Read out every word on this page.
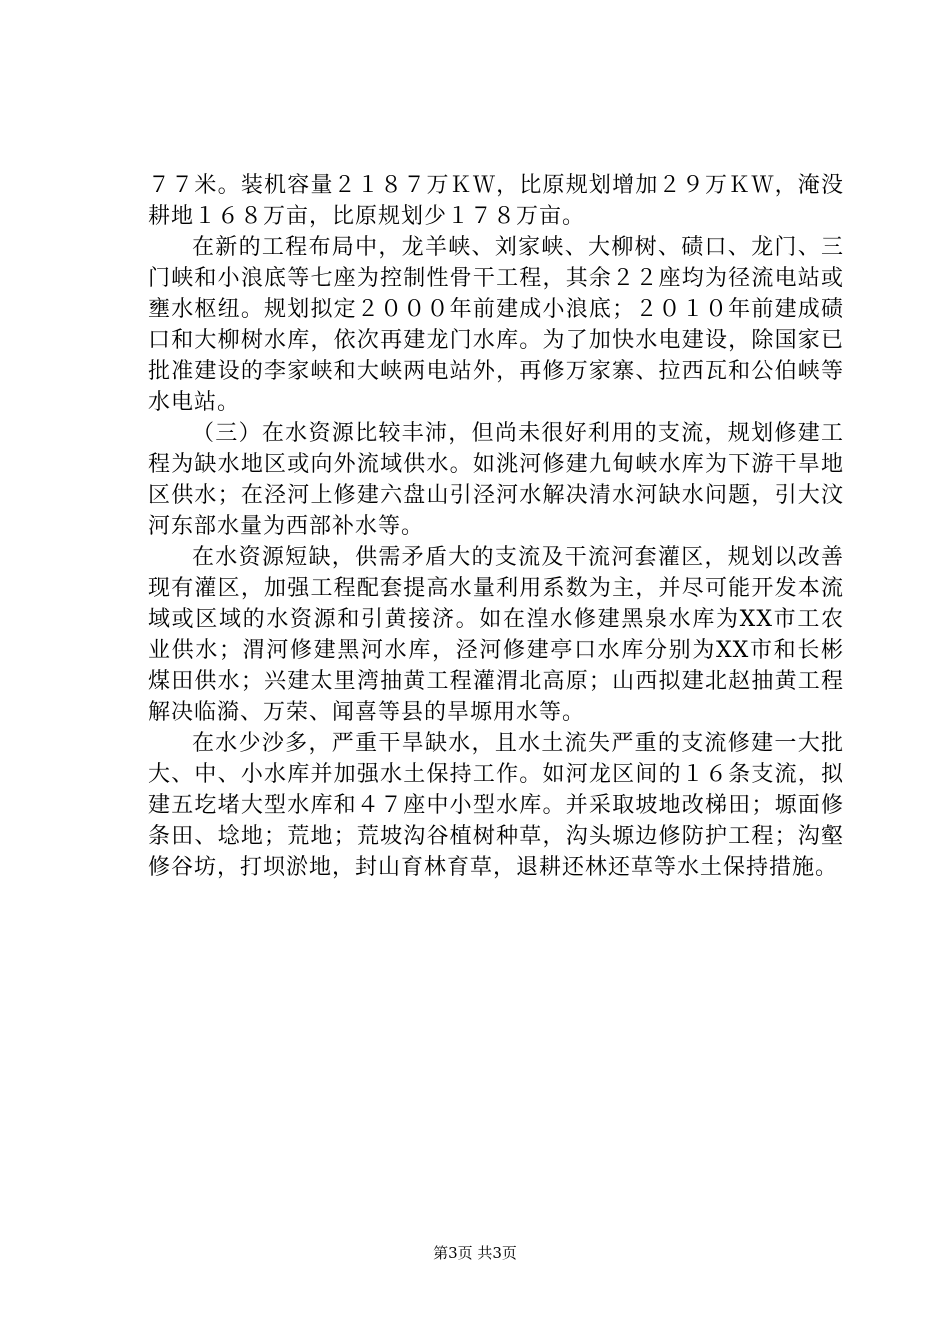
７７米。装机容量２１８７万ＫＷ，比原规划增加２９万ＫＷ，淹没耕地１６８万亩，比原规划少１７８万亩。

在新的工程布局中，龙羊峡、刘家峡、大柳树、碛口、龙门、三门峡和小浪底等七座为控制性骨干工程，其余２２座均为径流电站或壅水枢纽。规划拟定２０００年前建成小浪底；２０１０年前建成碛口和大柳树水库，依次再建龙门水库。为了加快水电建设，除国家已批准建设的李家峡和大峡两电站外，再修万家寨、拉西瓦和公伯峡等水电站。

（三）在水资源比较丰沛，但尚未很好利用的支流，规划修建工程为缺水地区或向外流域供水。如洮河修建九甸峡水库为下游干旱地区供水；在泾河上修建六盘山引泾河水解决清水河缺水问题，引大汶河东部水量为西部补水等。

在水资源短缺，供需矛盾大的支流及干流河套灌区，规划以改善现有灌区，加强工程配套提高水量利用系数为主，并尽可能开发本流域或区域的水资源和引黄接济。如在湟水修建黑泉水库为XX市工农业供水；渭河修建黑河水库，泾河修建亭口水库分别为XX市和长彬煤田供水；兴建太里湾抽黄工程灌渭北高原；山西拟建北赵抽黄工程解决临漪、万荣、闻喜等县的旱塬用水等。

在水少沙多，严重干旱缺水，且水土流失严重的支流修建一大批大、中、小水库并加强水土保持工作。如河龙区间的１６条支流，拟建五圪堵大型水库和４７座中小型水库。并采取坡地改梯田；塬面修条田、埝地；荒地；荒坡沟谷植树种草，沟头塬边修防护工程；沟壑修谷坊，打坝淤地，封山育林育草，退耕还林还草等水土保持措施。

第3页 共3页
